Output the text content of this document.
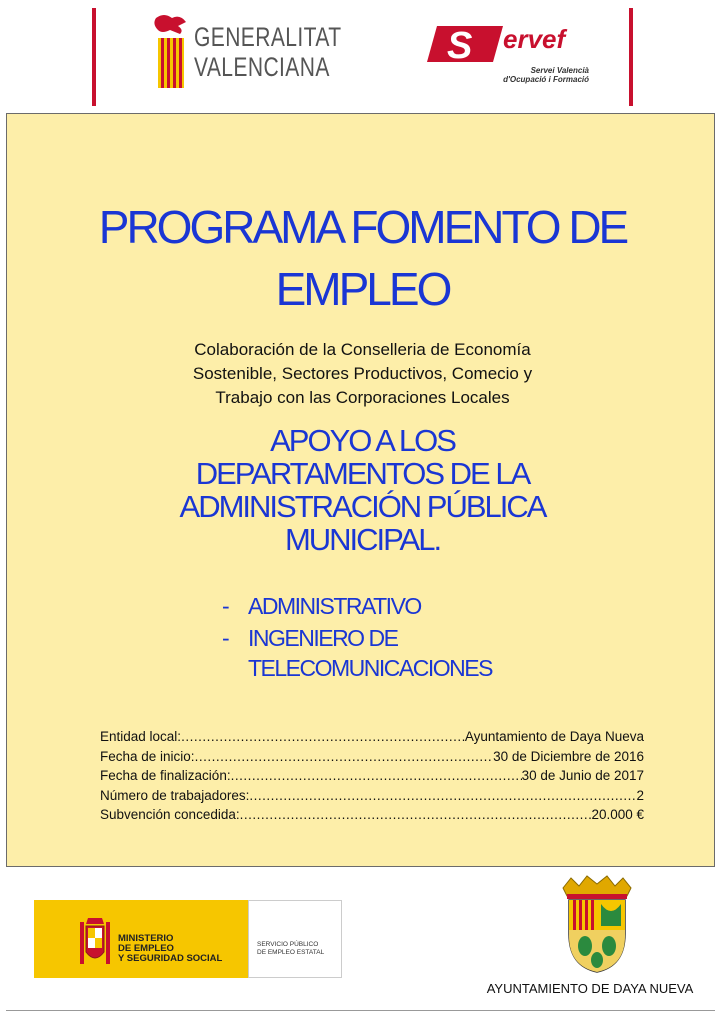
GENERALITAT
VALENCIANA	S ervef
Servei Valencià
d'Ocupació i Formació
PROGRAMA FOMENTO DE
EMPLEO
Colaboración de la Conselleria de Economía
Sostenible, Sectores Productivos, Comecio y
Trabajo con las Corporaciones Locales
APOYO A LOS
DEPARTAMENTOS DE LA
ADMINISTRACIÓN PÚBLICA
MUNICIPAL.
- ADMINISTRATIVO
- INGENIERO DE
TELECOMUNICACIONES
Entidad local: .....	Ayuntamiento de Daya Nueva
Fecha de inicio: .....	30 de Diciembre de 2016
Fecha de finalización: .....	30 de Junio de 2017
Número de trabajadores: .....	2
Subvención concedida: .....	20.000 €
MINISTERIO
DE EMPLEO
Y SEGURIDAD SOCIAL
SERVICIO PÚBLICO
DE EMPLEO ESTATAL
AYUNTAMIENTO DE DAYA NUEVA
